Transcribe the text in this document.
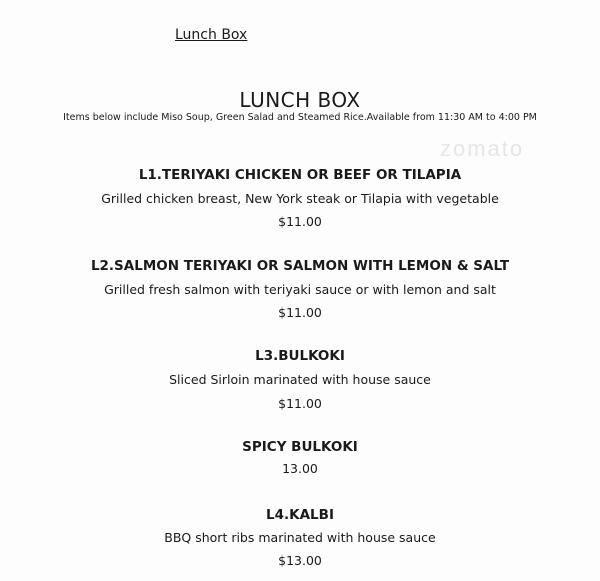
zomato
Lunch Box
LUNCH BOX
Items below include Miso Soup, Green Salad and Steamed Rice.Available from 11:30 AM to 4:00 PM
L1.TERIYAKI CHICKEN OR BEEF OR TILAPIA
Grilled chicken breast, New York steak or Tilapia with vegetable
$11.00
L2.SALMON TERIYAKI OR SALMON WITH LEMON & SALT
Grilled fresh salmon with teriyaki sauce or with lemon and salt
$11.00
L3.BULKOKI
Sliced Sirloin marinated with house sauce
$11.00
SPICY BULKOKI
13.00
L4.KALBI
BBQ short ribs marinated with house sauce
$13.00
